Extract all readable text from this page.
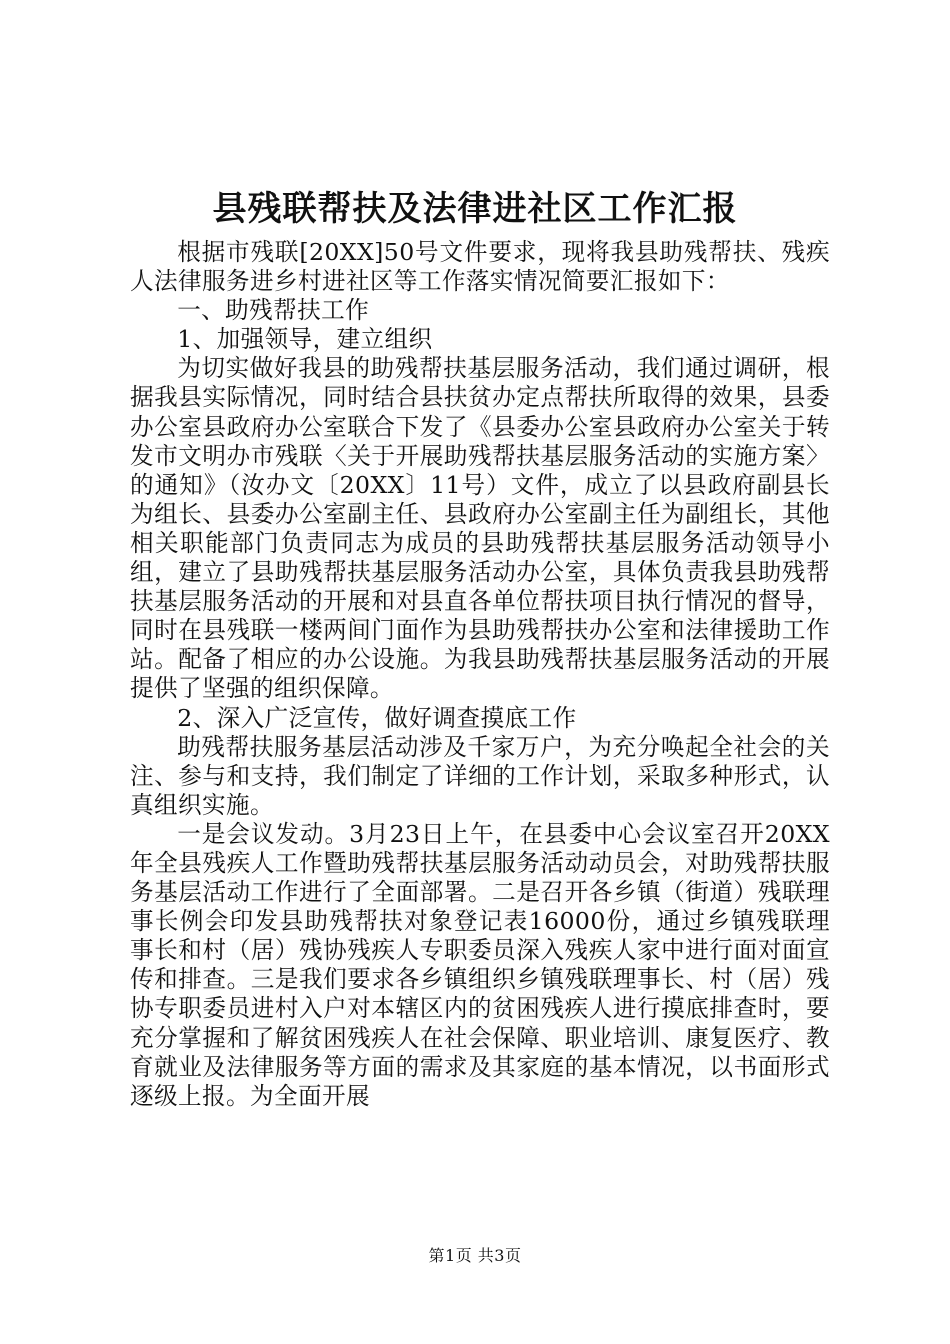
县残联帮扶及法律进社区工作汇报

根据市残联[20XX]50号文件要求，现将我县助残帮扶、残疾人法律服务进乡村进社区等工作落实情况简要汇报如下：

一、助残帮扶工作

1、加强领导，建立组织

为切实做好我县的助残帮扶基层服务活动，我们通过调研，根据我县实际情况，同时结合县扶贫办定点帮扶所取得的效果，县委办公室县政府办公室联合下发了《县委办公室县政府办公室关于转发市文明办市残联〈关于开展助残帮扶基层服务活动的实施方案〉的通知》（汝办文〔20XX〕11号）文件，成立了以县政府副县长为组长、县委办公室副主任、县政府办公室副主任为副组长，其他相关职能部门负责同志为成员的县助残帮扶基层服务活动领导小组，建立了县助残帮扶基层服务活动办公室，具体负责我县助残帮扶基层服务活动的开展和对县直各单位帮扶项目执行情况的督导，同时在县残联一楼两间门面作为县助残帮扶办公室和法律援助工作站。配备了相应的办公设施。为我县助残帮扶基层服务活动的开展提供了坚强的组织保障。

2、深入广泛宣传，做好调查摸底工作

助残帮扶服务基层活动涉及千家万户，为充分唤起全社会的关注、参与和支持，我们制定了详细的工作计划，采取多种形式，认真组织实施。

一是会议发动。3月23日上午，在县委中心会议室召开20XX年全县残疾人工作暨助残帮扶基层服务活动动员会，对助残帮扶服务基层活动工作进行了全面部署。二是召开各乡镇（街道）残联理事长例会印发县助残帮扶对象登记表16000份，通过乡镇残联理事长和村（居）残协残疾人专职委员深入残疾人家中进行面对面宣传和排查。三是我们要求各乡镇组织乡镇残联理事长、村（居）残协专职委员进村入户对本辖区内的贫困残疾人进行摸底排查时，要充分掌握和了解贫困残疾人在社会保障、职业培训、康复医疗、教育就业及法律服务等方面的需求及其家庭的基本情况，以书面形式逐级上报。为全面开展

第1页 共3页
